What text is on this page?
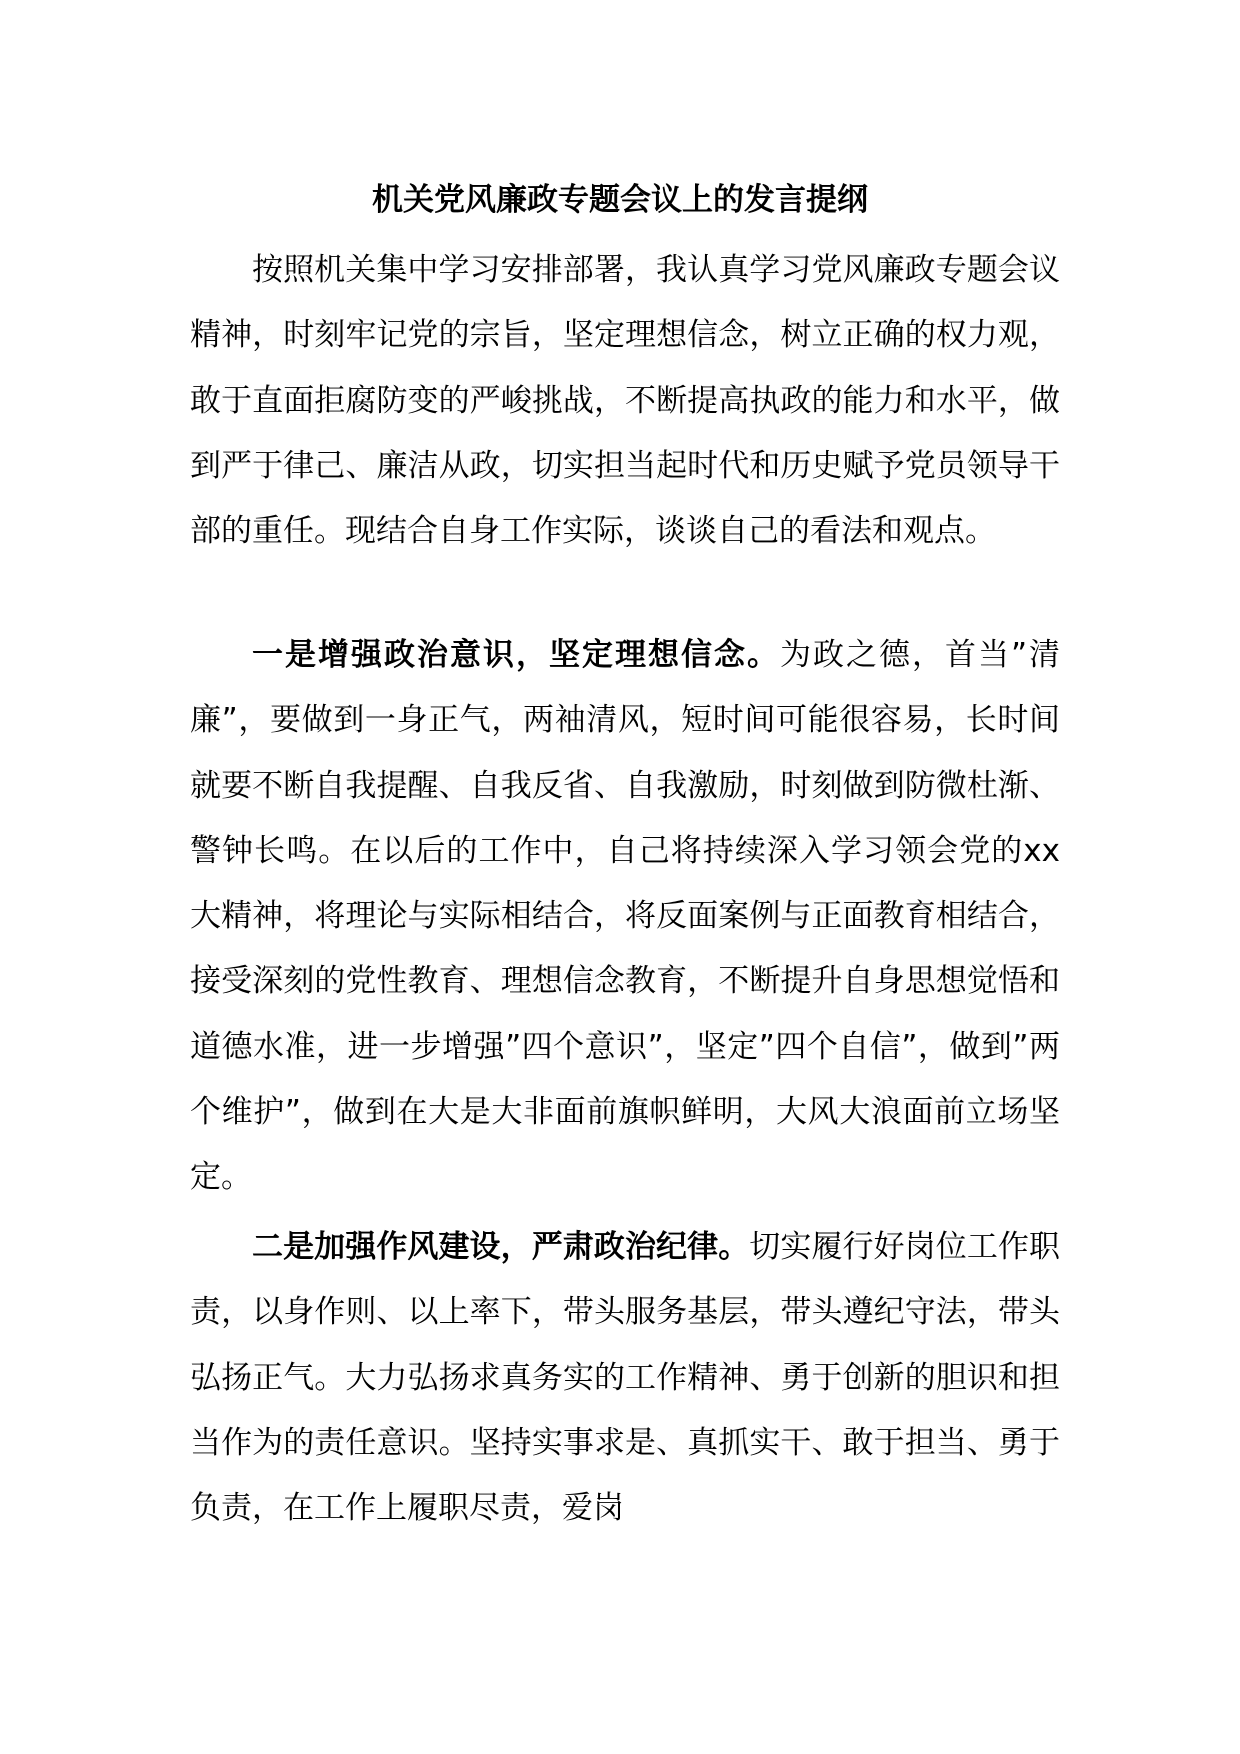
机关党风廉政专题会议上的发言提纲

按照机关集中学习安排部署，我认真学习党风廉政专题会议精神，时刻牢记党的宗旨，坚定理想信念，树立正确的权力观，敢于直面拒腐防变的严峻挑战，不断提高执政的能力和水平，做到严于律己、廉洁从政，切实担当起时代和历史赋予党员领导干部的重任。现结合自身工作实际，谈谈自己的看法和观点。

一是增强政治意识，坚定理想信念。为政之德，首当”清廉”，要做到一身正气，两袖清风，短时间可能很容易，长时间就要不断自我提醒、自我反省、自我激励，时刻做到防微杜渐、警钟长鸣。在以后的工作中，自己将持续深入学习领会党的xx大精神，将理论与实际相结合，将反面案例与正面教育相结合，接受深刻的党性教育、理想信念教育，不断提升自身思想觉悟和道德水准，进一步增强”四个意识”，坚定”四个自信”，做到”两个维护”，做到在大是大非面前旗帜鲜明，大风大浪面前立场坚定。

二是加强作风建设，严肃政治纪律。切实履行好岗位工作职责，以身作则、以上率下，带头服务基层，带头遵纪守法，带头弘扬正气。大力弘扬求真务实的工作精神、勇于创新的胆识和担当作为的责任意识。坚持实事求是、真抓实干、敢于担当、勇于负责，在工作上履职尽责，爱岗
